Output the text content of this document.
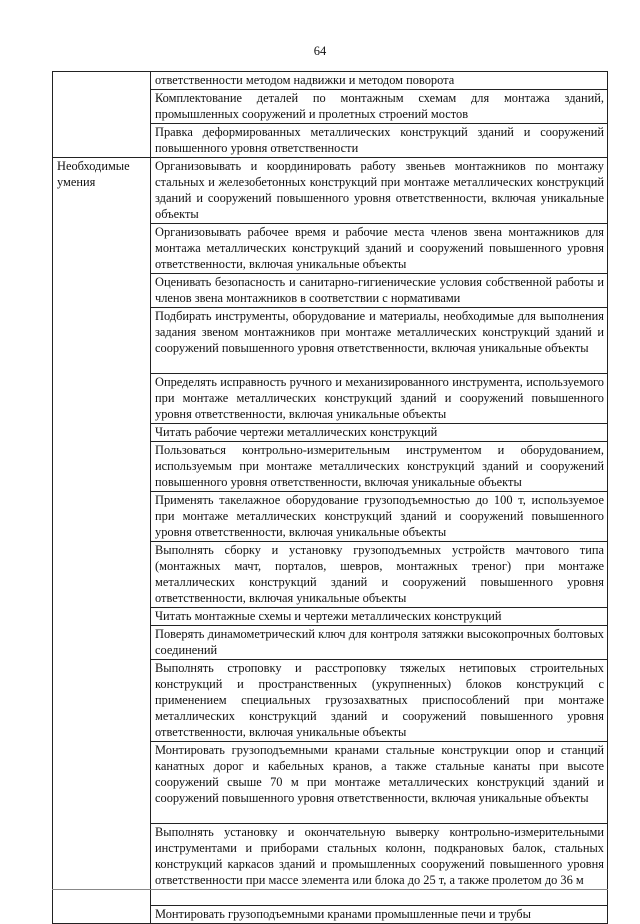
64
	ответственности методом надвижки и методом поворота
	Комплектование деталей по монтажным схемам для монтажа зданий, промышленных сооружений и пролетных строений мостов
	Правка деформированных металлических конструкций зданий и сооружений повышенного уровня ответственности
Необходимые умения	Организовывать и координировать работу звеньев монтажников по монтажу стальных и железобетонных конструкций при монтаже металлических конструкций зданий и сооружений повышенного уровня ответственности, включая уникальные объекты
	Организовывать рабочее время и рабочие места членов звена монтажников для монтажа металлических конструкций зданий и сооружений повышенного уровня ответственности, включая уникальные объекты
	Оценивать безопасность и санитарно-гигиенические условия собственной работы и членов звена монтажников в соответствии с нормативами
	Подбирать инструменты, оборудование и материалы, необходимые для выполнения задания звеном монтажников при монтаже металлических конструкций зданий и сооружений повышенного уровня ответственности, включая уникальные объекты
	Определять исправность ручного и механизированного инструмента, используемого при монтаже металлических конструкций зданий и сооружений повышенного уровня ответственности, включая уникальные объекты
	Читать рабочие чертежи металлических конструкций
	Пользоваться контрольно-измерительным инструментом и оборудованием, используемым при монтаже металлических конструкций зданий и сооружений повышенного уровня ответственности, включая уникальные объекты
	Применять такелажное оборудование грузоподъемностью до 100 т, используемое при монтаже металлических конструкций зданий и сооружений повышенного уровня ответственности, включая уникальные объекты
	Выполнять сборку и установку грузоподъемных устройств мачтового типа (монтажных мачт, порталов, шевров, монтажных треног) при монтаже металлических конструкций зданий и сооружений повышенного уровня ответственности, включая уникальные объекты
	Читать монтажные схемы и чертежи металлических конструкций
	Поверять динамометрический ключ для контроля затяжки высокопрочных болтовых соединений
	Выполнять строповку и расстроповку тяжелых нетиповых строительных конструкций и пространственных (укрупненных) блоков конструкций с применением специальных грузозахватных приспособлений при монтаже металлических конструкций зданий и сооружений повышенного уровня ответственности, включая уникальные объекты
	Монтировать грузоподъемными кранами стальные конструкции опор и станций канатных дорог и кабельных кранов, а также стальные канаты при высоте сооружений свыше 70 м при монтаже металлических конструкций зданий и сооружений повышенного уровня ответственности, включая уникальные объекты
	Выполнять установку и окончательную выверку контрольно-измерительными инструментами и приборами стальных колонн, подкрановых балок, стальных конструкций каркасов зданий и промышленных сооружений повышенного уровня ответственности при массе элемента или блока до 25 т, а также пролетом до 36 м
	Монтировать грузоподъемными кранами промышленные печи и трубы
